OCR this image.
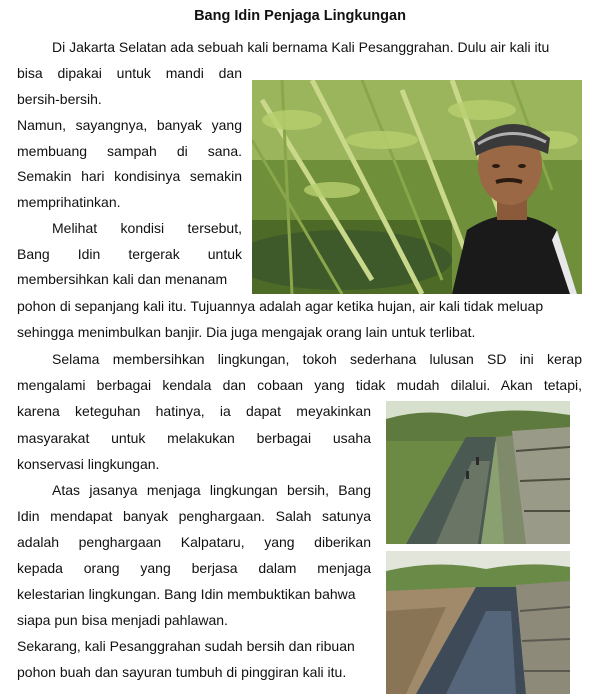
Bang Idin Penjaga Lingkungan
Di Jakarta Selatan ada sebuah kali bernama Kali Pesanggrahan. Dulu air kali itu
bisa dipakai untuk mandi dan
bersih-bersih.
Namun, sayangnya, banyak yang
membuang sampah di sana.
Semakin hari kondisinya semakin
memprihatinkan.
Melihat kondisi tersebut,
Bang Idin tergerak untuk
membersihkan kali dan menanam
pohon di sepanjang kali itu. Tujuannya adalah agar ketika hujan, air kali tidak meluap
sehingga menimbulkan banjir. Dia juga mengajak orang lain untuk terlibat.
Selama membersihkan lingkungan, tokoh sederhana lulusan SD ini kerap
mengalami berbagai kendala dan cobaan yang tidak mudah dilalui. Akan tetapi,
karena keteguhan hatinya, ia dapat meyakinkan
masyarakat untuk melakukan berbagai usaha
konservasi lingkungan.
Atas jasanya menjaga lingkungan bersih, Bang
Idin mendapat banyak penghargaan. Salah satunya
adalah penghargaan Kalpataru, yang diberikan
kepada orang yang berjasa dalam menjaga
kelestarian lingkungan. Bang Idin membuktikan bahwa
siapa pun bisa menjadi pahlawan.
Sekarang, kali Pesanggrahan sudah bersih dan ribuan
pohon buah dan sayuran tumbuh di pinggiran kali itu.
